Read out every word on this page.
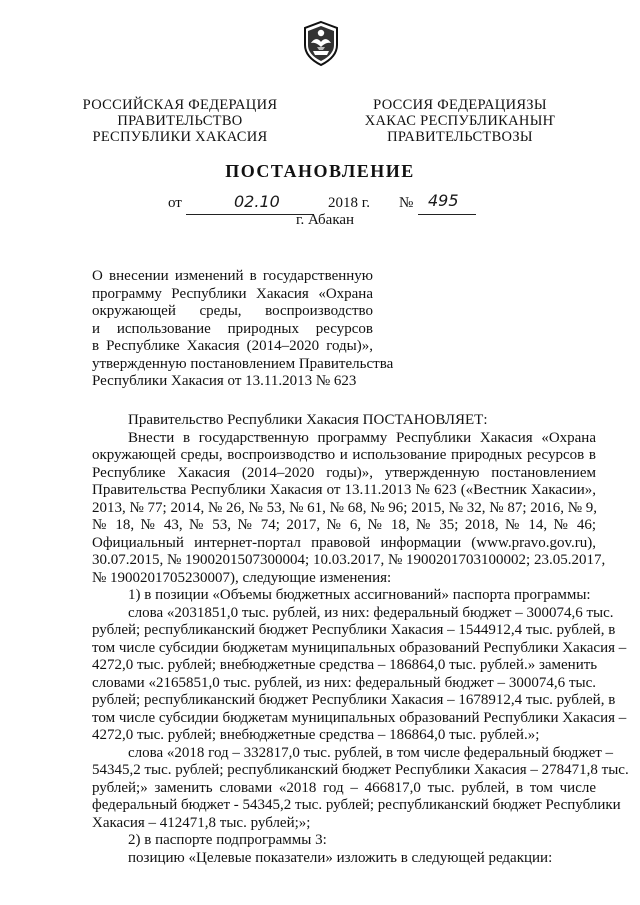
РОССИЙСКАЯ ФЕДЕРАЦИЯ
ПРАВИТЕЛЬСТВО
РЕСПУБЛИКИ ХАКАСИЯ
РОССИЯ ФЕДЕРАЦИЯЗЫ
ХАКАС РЕСПУБЛИКАНЫҤ
ПРАВИТЕЛЬСТВОЗЫ
ПОСТАНОВЛЕНИЕ
от	02.10	2018 г. № 495
г. Абакан
О внесении изменений в государственную
программу Республики Хакасия «Охрана
окружающей среды, воспроизводство
и использование природных ресурсов
в Республике Хакасия (2014–2020 годы)»,
утвержденную постановлением Правительства
Республики Хакасия от 13.11.2013 № 623
Правительство Республики Хакасия ПОСТАНОВЛЯЕТ:
Внести в государственную программу Республики Хакасия «Охрана
окружающей среды, воспроизводство и использование природных ресурсов в
Республике Хакасия (2014–2020 годы)», утвержденную постановлением
Правительства Республики Хакасия от 13.11.2013 № 623 («Вестник Хакасии»,
2013, № 77; 2014, № 26, № 53, № 61, № 68, № 96; 2015, № 32, № 87; 2016, № 9,
№ 18, № 43, № 53, № 74; 2017, № 6, № 18, № 35; 2018, № 14, № 46;
Официальный интернет-портал правовой информации (www.pravo.gov.ru),
30.07.2015, № 1900201507300004; 10.03.2017, № 1900201703100002; 23.05.2017,
№ 1900201705230007), следующие изменения:
1) в позиции «Объемы бюджетных ассигнований» паспорта программы:
слова «2031851,0 тыс. рублей, из них: федеральный бюджет – 300074,6 тыс.
рублей; республиканский бюджет Республики Хакасия – 1544912,4 тыс. рублей, в
том числе субсидии бюджетам муниципальных образований Республики Хакасия –
4272,0 тыс. рублей; внебюджетные средства – 186864,0 тыс. рублей.» заменить
словами «2165851,0 тыс. рублей, из них: федеральный бюджет – 300074,6 тыс.
рублей; республиканский бюджет Республики Хакасия – 1678912,4 тыс. рублей, в
том числе субсидии бюджетам муниципальных образований Республики Хакасия –
4272,0 тыс. рублей; внебюджетные средства – 186864,0 тыс. рублей.»;
слова «2018 год – 332817,0 тыс. рублей, в том числе федеральный бюджет –
54345,2 тыс. рублей; республиканский бюджет Республики Хакасия – 278471,8 тыс.
рублей;» заменить словами «2018 год – 466817,0 тыс. рублей, в том числе
федеральный бюджет - 54345,2 тыс. рублей; республиканский бюджет Республики
Хакасия – 412471,8 тыс. рублей;»;
2) в паспорте подпрограммы 3:
позицию «Целевые показатели» изложить в следующей редакции:
